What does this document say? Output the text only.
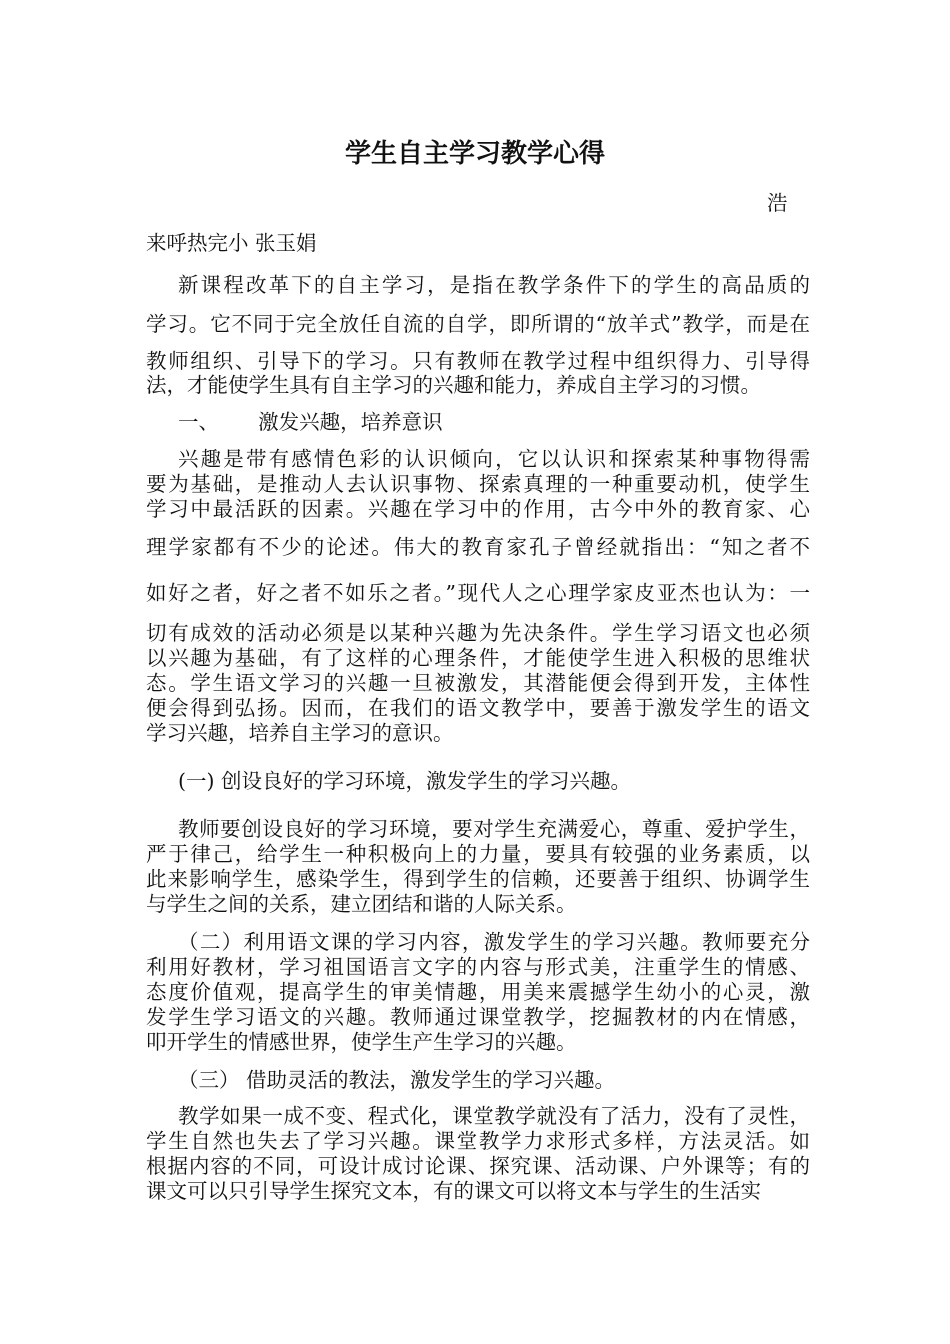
学生自主学习教学心得
浩
来呼热完小 张玉娟
新课程改革下的自主学习，是指在教学条件下的学生的高品质的
学习。它不同于完全放任自流的自学，即所谓的“放羊式”教学，而是在
教师组织、引导下的学习。只有教师在教学过程中组织得力、引导得
法，才能使学生具有自主学习的兴趣和能力，养成自主学习的习惯。
一、      激发兴趣，培养意识
兴趣是带有感情色彩的认识倾向，它以认识和探索某种事物得需
要为基础，是推动人去认识事物、探索真理的一种重要动机，使学生
学习中最活跃的因素。兴趣在学习中的作用，古今中外的教育家、心
理学家都有不少的论述。伟大的教育家孔子曾经就指出：“知之者不
如好之者，好之者不如乐之者。”现代人之心理学家皮亚杰也认为：一
切有成效的活动必须是以某种兴趣为先决条件。学生学习语文也必须
以兴趣为基础，有了这样的心理条件，才能使学生进入积极的思维状
态。学生语文学习的兴趣一旦被激发，其潜能便会得到开发，主体性
便会得到弘扬。因而，在我们的语文教学中，要善于激发学生的语文
学习兴趣，培养自主学习的意识。
(一) 创设良好的学习环境，激发学生的学习兴趣。
教师要创设良好的学习环境，要对学生充满爱心，尊重、爱护学生，
严于律己，给学生一种积极向上的力量，要具有较强的业务素质，以
此来影响学生，感染学生，得到学生的信赖，还要善于组织、协调学生
与学生之间的关系，建立团结和谐的人际关系。
（二）利用语文课的学习内容，激发学生的学习兴趣。教师要充分
利用好教材，学习祖国语言文字的内容与形式美，注重学生的情感、
态度价值观，提高学生的审美情趣，用美来震撼学生幼小的心灵，激
发学生学习语文的兴趣。教师通过课堂教学，挖掘教材的内在情感，
叩开学生的情感世界，使学生产生学习的兴趣。
（三） 借助灵活的教法，激发学生的学习兴趣。
教学如果一成不变、程式化，课堂教学就没有了活力，没有了灵性，
学生自然也失去了学习兴趣。课堂教学力求形式多样，方法灵活。如
根据内容的不同，可设计成讨论课、探究课、活动课、户外课等；有的
课文可以只引导学生探究文本，有的课文可以将文本与学生的生活实
